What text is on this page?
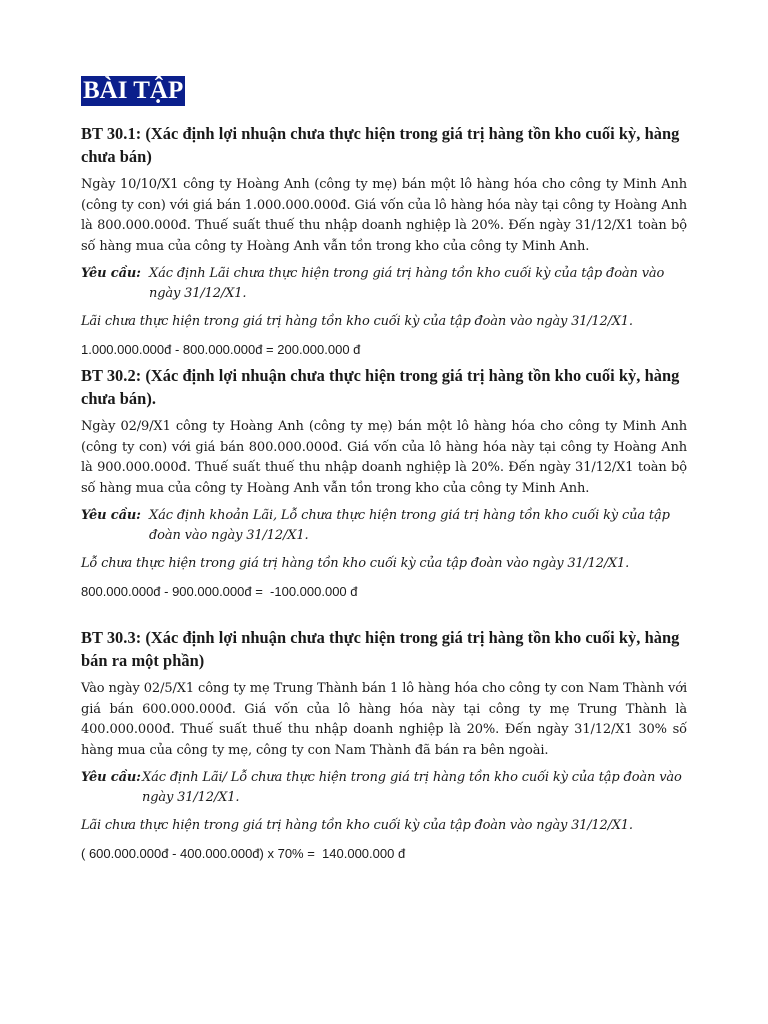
BÀI TẬP
BT 30.1: (Xác định lợi nhuận chưa thực hiện trong giá trị hàng tồn kho cuối kỳ, hàng chưa bán)
Ngày 10/10/X1 công ty Hoàng Anh (công ty mẹ) bán một lô hàng hóa cho công ty Minh Anh (công ty con) với giá bán 1.000.000.000đ. Giá vốn của lô hàng hóa này tại công ty Hoàng Anh là 800.000.000đ. Thuế suất thuế thu nhập doanh nghiệp là 20%. Đến ngày 31/12/X1 toàn bộ số hàng mua của công ty Hoàng Anh vẫn tồn trong kho của công ty Minh Anh.
Yêu cầu: Xác định Lãi chưa thực hiện trong giá trị hàng tồn kho cuối kỳ của tập đoàn vào ngày 31/12/X1.
Lãi chưa thực hiện trong giá trị hàng tồn kho cuối kỳ của tập đoàn vào ngày 31/12/X1.
1.000.000.000đ - 800.000.000đ = 200.000.000 đ
BT 30.2: (Xác định lợi nhuận chưa thực hiện trong giá trị hàng tồn kho cuối kỳ, hàng chưa bán).
Ngày 02/9/X1 công ty Hoàng Anh (công ty mẹ) bán một lô hàng hóa cho công ty Minh Anh (công ty con) với giá bán 800.000.000đ. Giá vốn của lô hàng hóa này tại công ty Hoàng Anh là 900.000.000đ. Thuế suất thuế thu nhập doanh nghiệp là 20%. Đến ngày 31/12/X1 toàn bộ số hàng mua của công ty Hoàng Anh vẫn tồn trong kho của công ty Minh Anh.
Yêu cầu: Xác định khoản Lãi, Lỗ chưa thực hiện trong giá trị hàng tồn kho cuối kỳ của tập đoàn vào ngày 31/12/X1.
Lỗ chưa thực hiện trong giá trị hàng tồn kho cuối kỳ của tập đoàn vào ngày 31/12/X1.
800.000.000đ - 900.000.000đ =  -100.000.000 đ
BT 30.3: (Xác định lợi nhuận chưa thực hiện trong giá trị hàng tồn kho cuối kỳ, hàng bán ra một phần)
Vào ngày 02/5/X1 công ty mẹ Trung Thành bán 1 lô hàng hóa cho công ty con Nam Thành với giá bán 600.000.000đ. Giá vốn của lô hàng hóa này tại công ty mẹ Trung Thành là 400.000.000đ. Thuế suất thuế thu nhập doanh nghiệp là 20%. Đến ngày 31/12/X1 30% số hàng mua của công ty mẹ, công ty con Nam Thành đã bán ra bên ngoài.
Yêu cầu: Xác định Lãi/ Lỗ chưa thực hiện trong giá trị hàng tồn kho cuối kỳ của tập đoàn vào ngày 31/12/X1.
Lãi chưa thực hiện trong giá trị hàng tồn kho cuối kỳ của tập đoàn vào ngày 31/12/X1.
( 600.000.000đ - 400.000.000đ) x 70% =  140.000.000 đ
